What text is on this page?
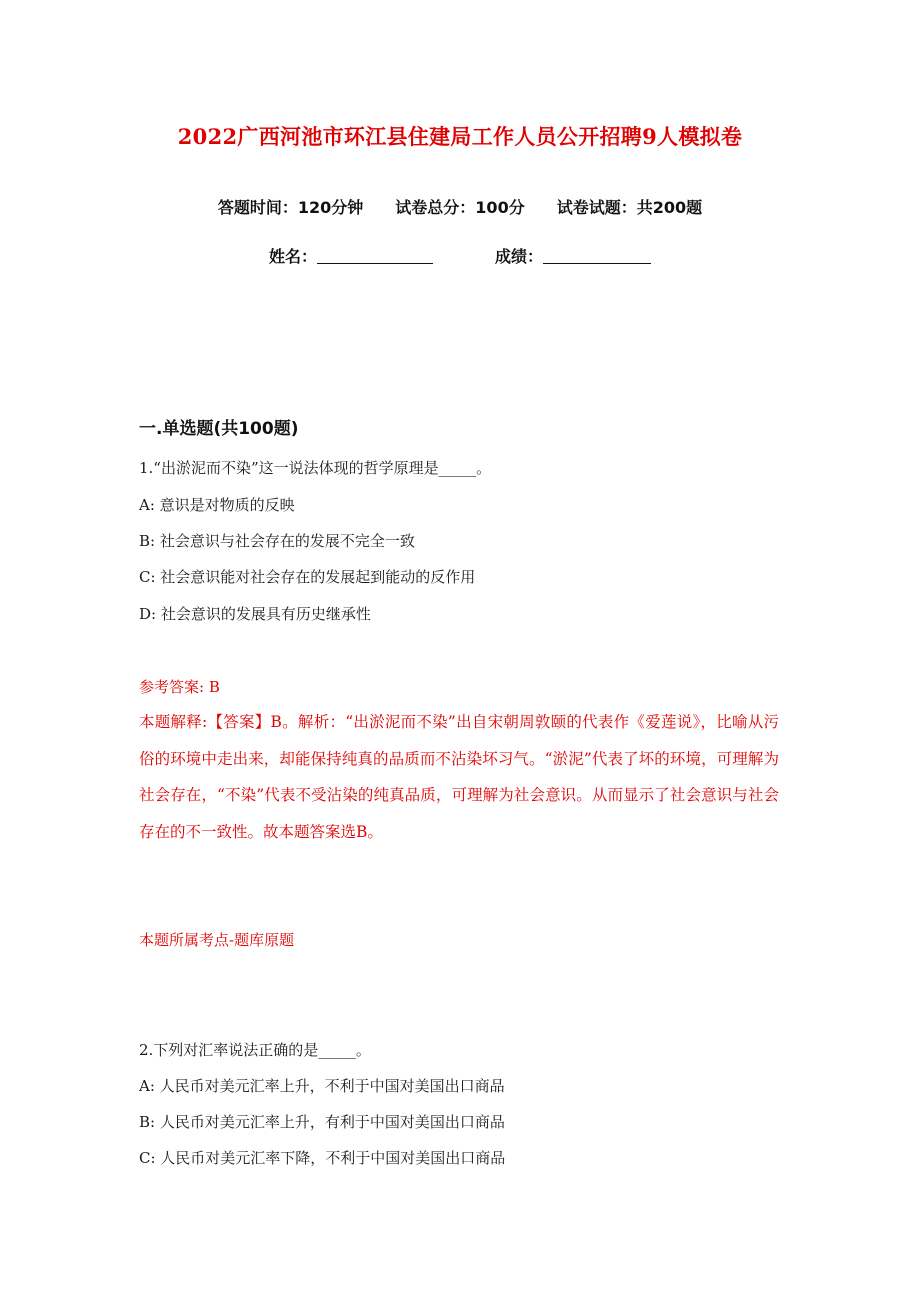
2022广西河池市环江县住建局工作人员公开招聘9人模拟卷
答题时间：120分钟 试卷总分：100分 试卷试题：共200题
姓名：	成绩：
一.单选题(共100题)
1.“出淤泥而不染”这一说法体现的哲学原理是_____。
A: 意识是对物质的反映
B: 社会意识与社会存在的发展不完全一致
C: 社会意识能对社会存在的发展起到能动的反作用
D: 社会意识的发展具有历史继承性
参考答案: B
本题解释:【答案】B。解析：“出淤泥而不染”出自宋朝周敦颐的代表作《爱莲说》，比喻从污俗的环境中走出来，却能保持纯真的品质而不沾染坏习气。“淤泥”代表了坏的环境，可理解为社会存在，“不染”代表不受沾染的纯真品质，可理解为社会意识。从而显示了社会意识与社会存在的不一致性。故本题答案选B。
本题所属考点-题库原题
2.下列对汇率说法正确的是_____。
A: 人民币对美元汇率上升，不利于中国对美国出口商品
B: 人民币对美元汇率上升，有利于中国对美国出口商品
C: 人民币对美元汇率下降，不利于中国对美国出口商品
